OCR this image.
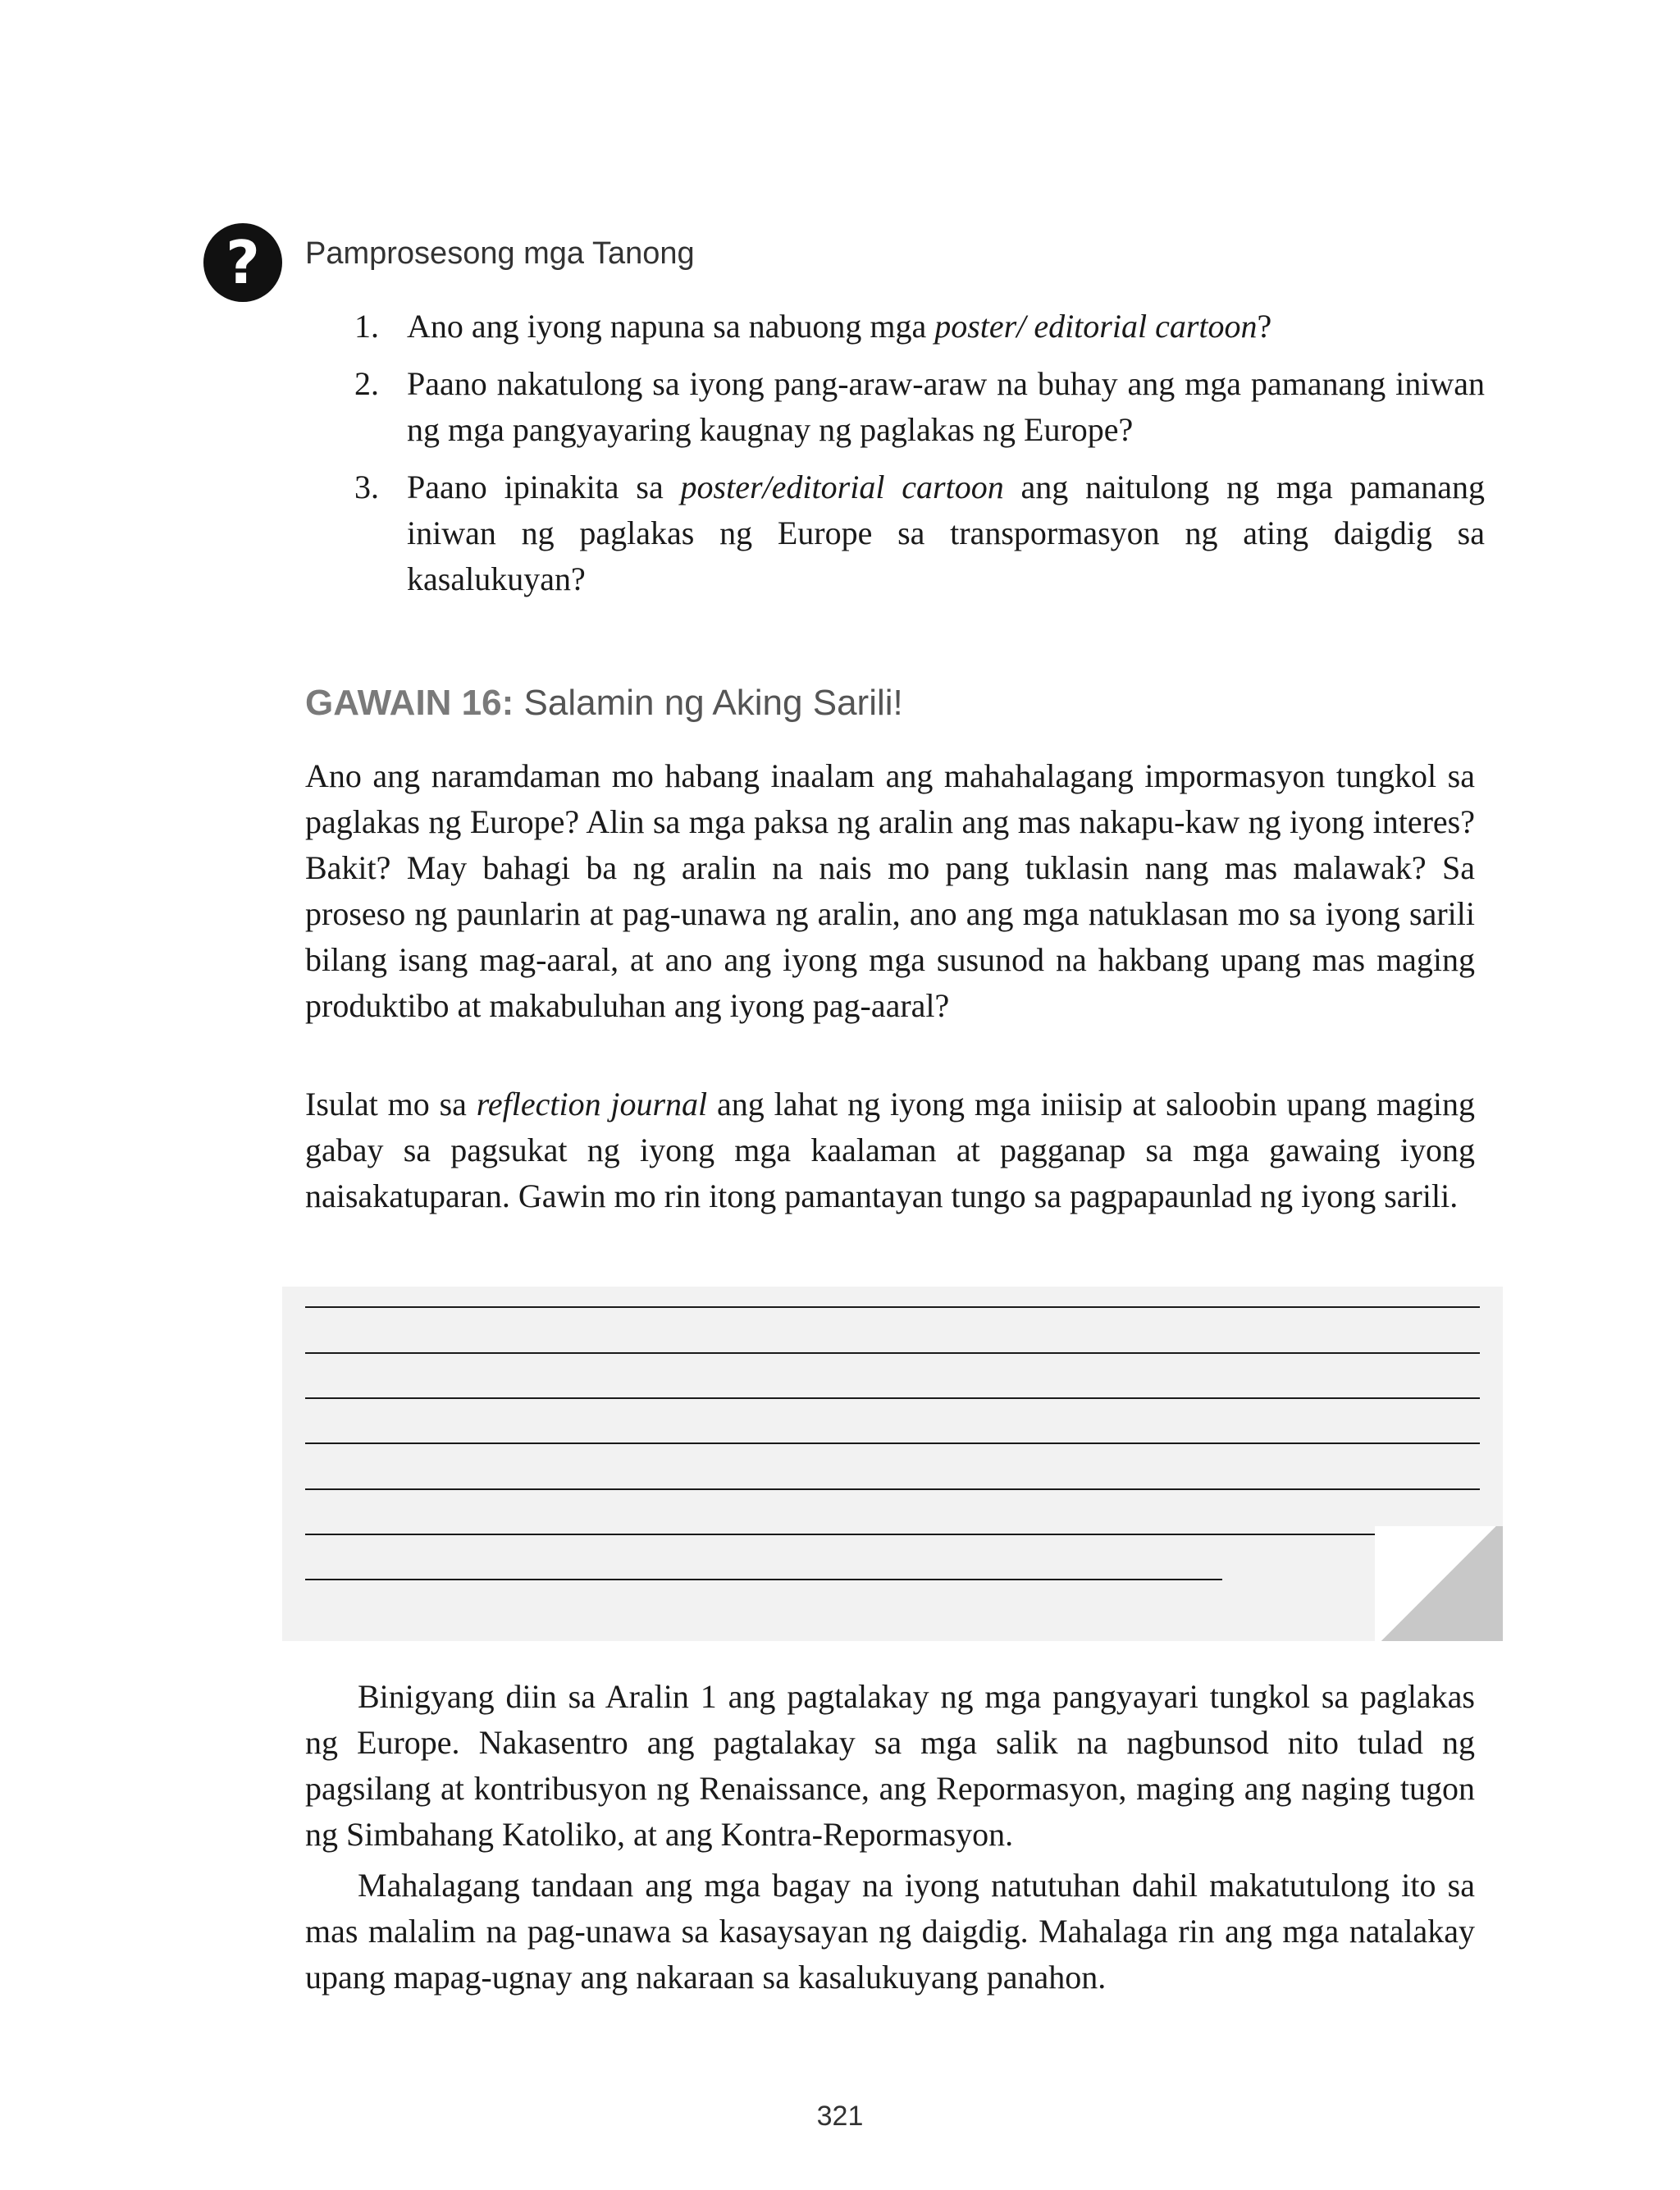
?	Pamprosesong mga Tanong
1. Ano ang iyong napuna sa nabuong mga poster/ editorial cartoon?
2. Paano nakatulong sa iyong pang-araw-araw na buhay ang mga pamanang iniwan ng mga pangyayaring kaugnay ng paglakas ng Europe?
3. Paano ipinakita sa poster/editorial cartoon ang naitulong ng mga pamanang iniwan ng paglakas ng Europe sa transpormasyon ng ating daigdig sa kasalukuyan?
GAWAIN 16: Salamin ng Aking Sarili!

Ano ang naramdaman mo habang inaalam ang mahahalagang impormasyon tungkol sa paglakas ng Europe? Alin sa mga paksa ng aralin ang mas nakapu-kaw ng iyong interes? Bakit? May bahagi ba ng aralin na nais mo pang tuklasin nang mas malawak? Sa proseso ng paunlarin at pag-unawa ng aralin, ano ang mga natuklasan mo sa iyong sarili bilang isang mag-aaral, at ano ang iyong mga susunod na hakbang upang mas maging produktibo at makabuluhan ang iyong pag-aaral?

Isulat mo sa reflection journal ang lahat ng iyong mga iniisip at saloobin upang maging gabay sa pagsukat ng iyong mga kaalaman at pagganap sa mga gawaing iyong naisakatuparan. Gawin mo rin itong pamantayan tungo sa pagpapaunlad ng iyong sarili.

Binigyang diin sa Aralin 1 ang pagtalakay ng mga pangyayari tungkol sa paglakas ng Europe. Nakasentro ang pagtalakay sa mga salik na nagbunsod nito tulad ng pagsilang at kontribusyon ng Renaissance, ang Repormasyon, maging ang naging tugon ng Simbahang Katoliko, at ang Kontra-Repormasyon.

Mahalagang tandaan ang mga bagay na iyong natutuhan dahil makatutulong ito sa mas malalim na pag-unawa sa kasaysayan ng daigdig. Mahalaga rin ang mga natalakay upang mapag-ugnay ang nakaraan sa kasalukuyang panahon.

321
